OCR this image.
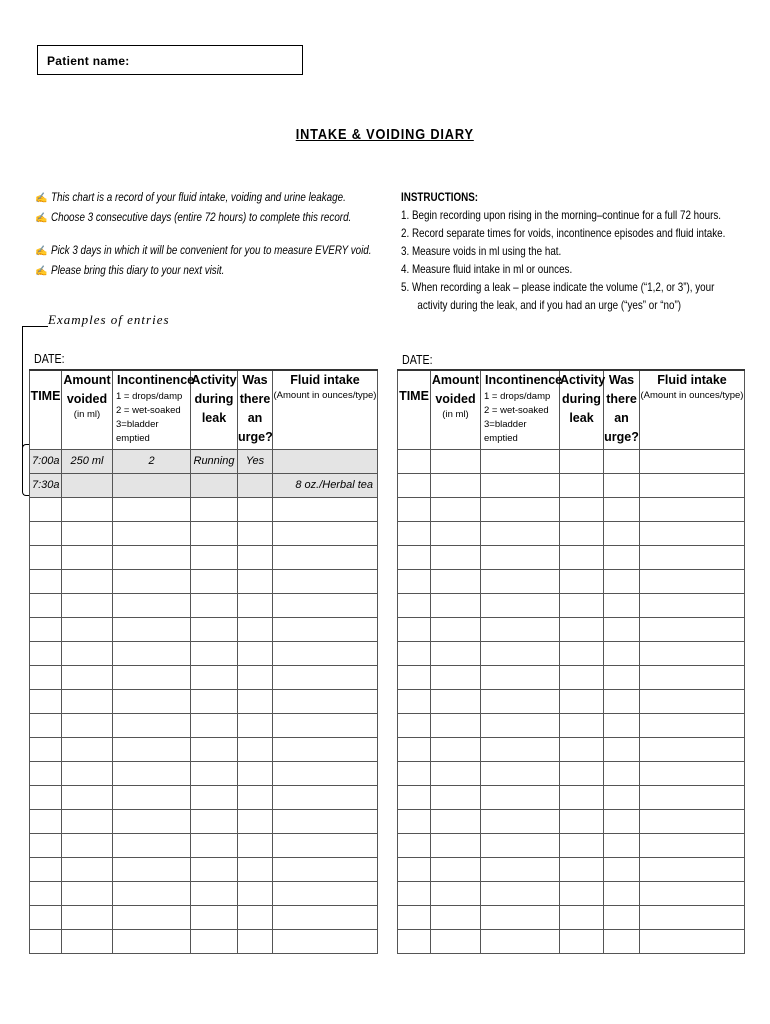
Patient name:
INTAKE & VOIDING DIARY
✍ This chart is a record of your fluid intake, voiding and urine leakage.
✍ Choose 3 consecutive days (entire 72 hours) to complete this record.
✍ Pick 3 days in which it will be convenient for you to measure EVERY void.
✍ Please bring this diary to your next visit.
INSTRUCTIONS:
1. Begin recording upon rising in the morning–continue for a full 72 hours.
2. Record separate times for voids, incontinence episodes and fluid intake.
3. Measure voids in ml using the hat.
4. Measure fluid intake in ml or ounces.
5. When recording a leak – please indicate the volume (“1,2, or 3”), your
activity during the leak, and if you had an urge (“yes” or “no”)
Examples of entries
DATE:	DATE:
TIME	Amount
voided
(in ml)	Incontinence
1 = drops/damp
2 = wet-soaked
3=bladder emptied	Activity
during
leak	Was
there
an
urge?	Fluid intake
(Amount in ounces/type)

7:00a	250 ml	2	Running	Yes	
7:30a					8 oz./Herbal tea

TIME	Amount
voided
(in ml)	Incontinence
1 = drops/damp
2 = wet-soaked
3=bladder emptied	Activity
during
leak	Was
there
an
urge?	Fluid intake
(Amount in ounces/type)
